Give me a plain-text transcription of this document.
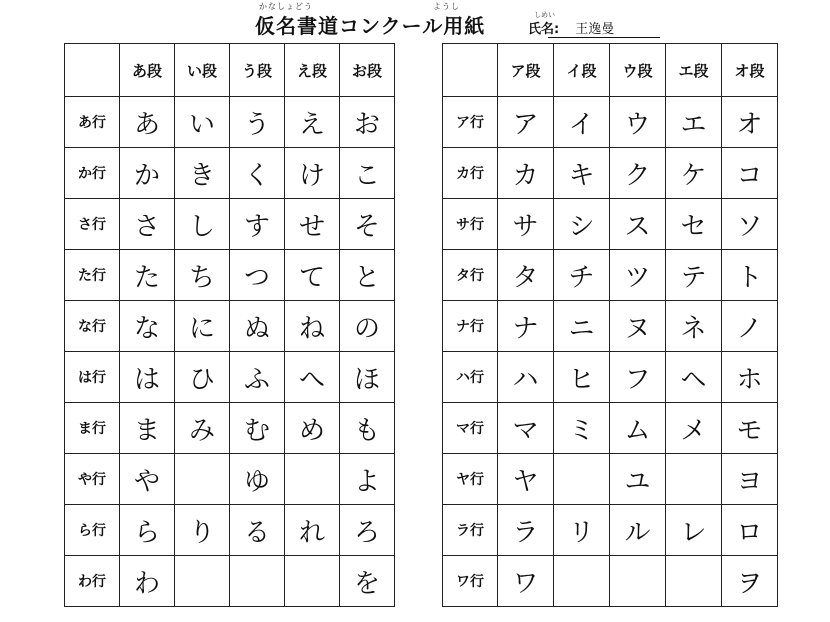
かなしょどう	ようし
仮名書道コンクール用紙	しめい
氏名: 王逸曼
	あ段	い段	う段	え段	お段
あ行	あ	い	う	え	お
か行	か	き	く	け	こ
さ行	さ	し	す	せ	そ
た行	た	ち	つ	て	と
な行	な	に	ぬ	ね	の
は行	は	ひ	ふ	へ	ほ
ま行	ま	み	む	め	も
や行	や		ゆ		よ
ら行	ら	り	る	れ	ろ
わ行	わ				を
	ア段	イ段	ウ段	エ段	オ段
ア行	ア	イ	ウ	エ	オ
カ行	カ	キ	ク	ケ	コ
サ行	サ	シ	ス	セ	ソ
タ行	タ	チ	ツ	テ	ト
ナ行	ナ	ニ	ヌ	ネ	ノ
ハ行	ハ	ヒ	フ	ヘ	ホ
マ行	マ	ミ	ム	メ	モ
ヤ行	ヤ		ユ		ヨ
ラ行	ラ	リ	ル	レ	ロ
ワ行	ワ				ヲ
